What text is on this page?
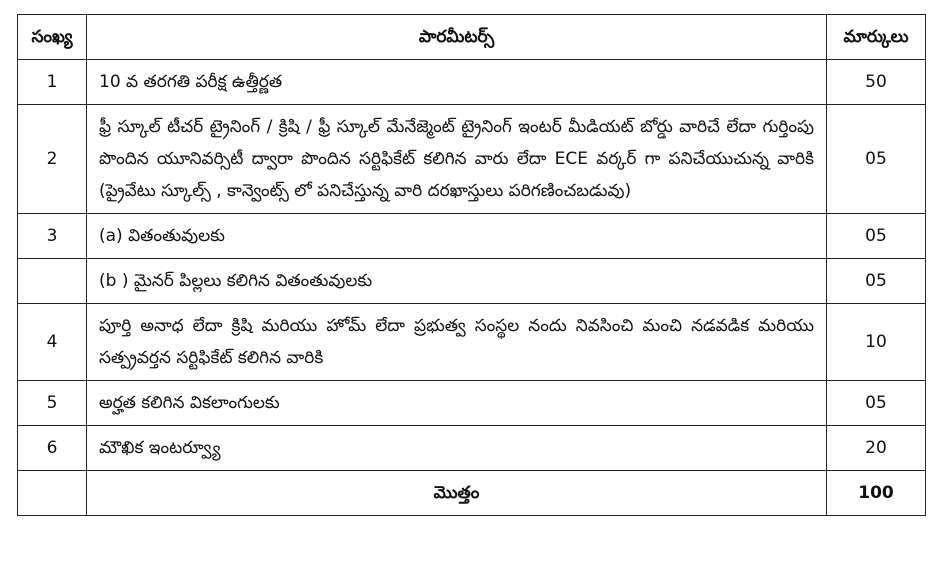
సంఖ్య	పారమీటర్స్	మార్కులు
1	10 వ తరగతి పరీక్ష ఉత్తీర్ణత	50
2	ఫ్రీ స్కూల్ టీచర్ ట్రైనింగ్ / క్రిషి / ఫ్రీ స్కూల్ మేనేజ్మెంట్ ట్రైనింగ్ ఇంటర్ మీడియట్ బోర్డు వారిచే లేదా గుర్తింపు పొందిన యూనివర్సిటీ ద్వారా పొందిన సర్టిఫికేట్ కలిగిన వారు లేదా ECE వర్కర్ గా పనిచేయుచున్న వారికి (ప్రైవేటు స్కూల్స్ , కాన్వెంట్స్ లో పనిచేస్తున్న వారి దరఖాస్తులు పరిగణించబడువు)	05
3	(a) వితంతువులకు	05
	(b ) మైనర్ పిల్లలు కలిగిన వితంతువులకు	05
4	పూర్తి అనాధ లేదా క్రిషి మరియు హోమ్ లేదా ప్రభుత్వ సంస్థల నందు నివసించి మంచి నడవడిక మరియు సత్ప్రవర్తన సర్టిఫికేట్ కలిగిన వారికి	10
5	అర్హత కలిగిన వికలాంగులకు	05
6	మౌఖిక ఇంటర్వ్యూ	20
	మొత్తం	100
